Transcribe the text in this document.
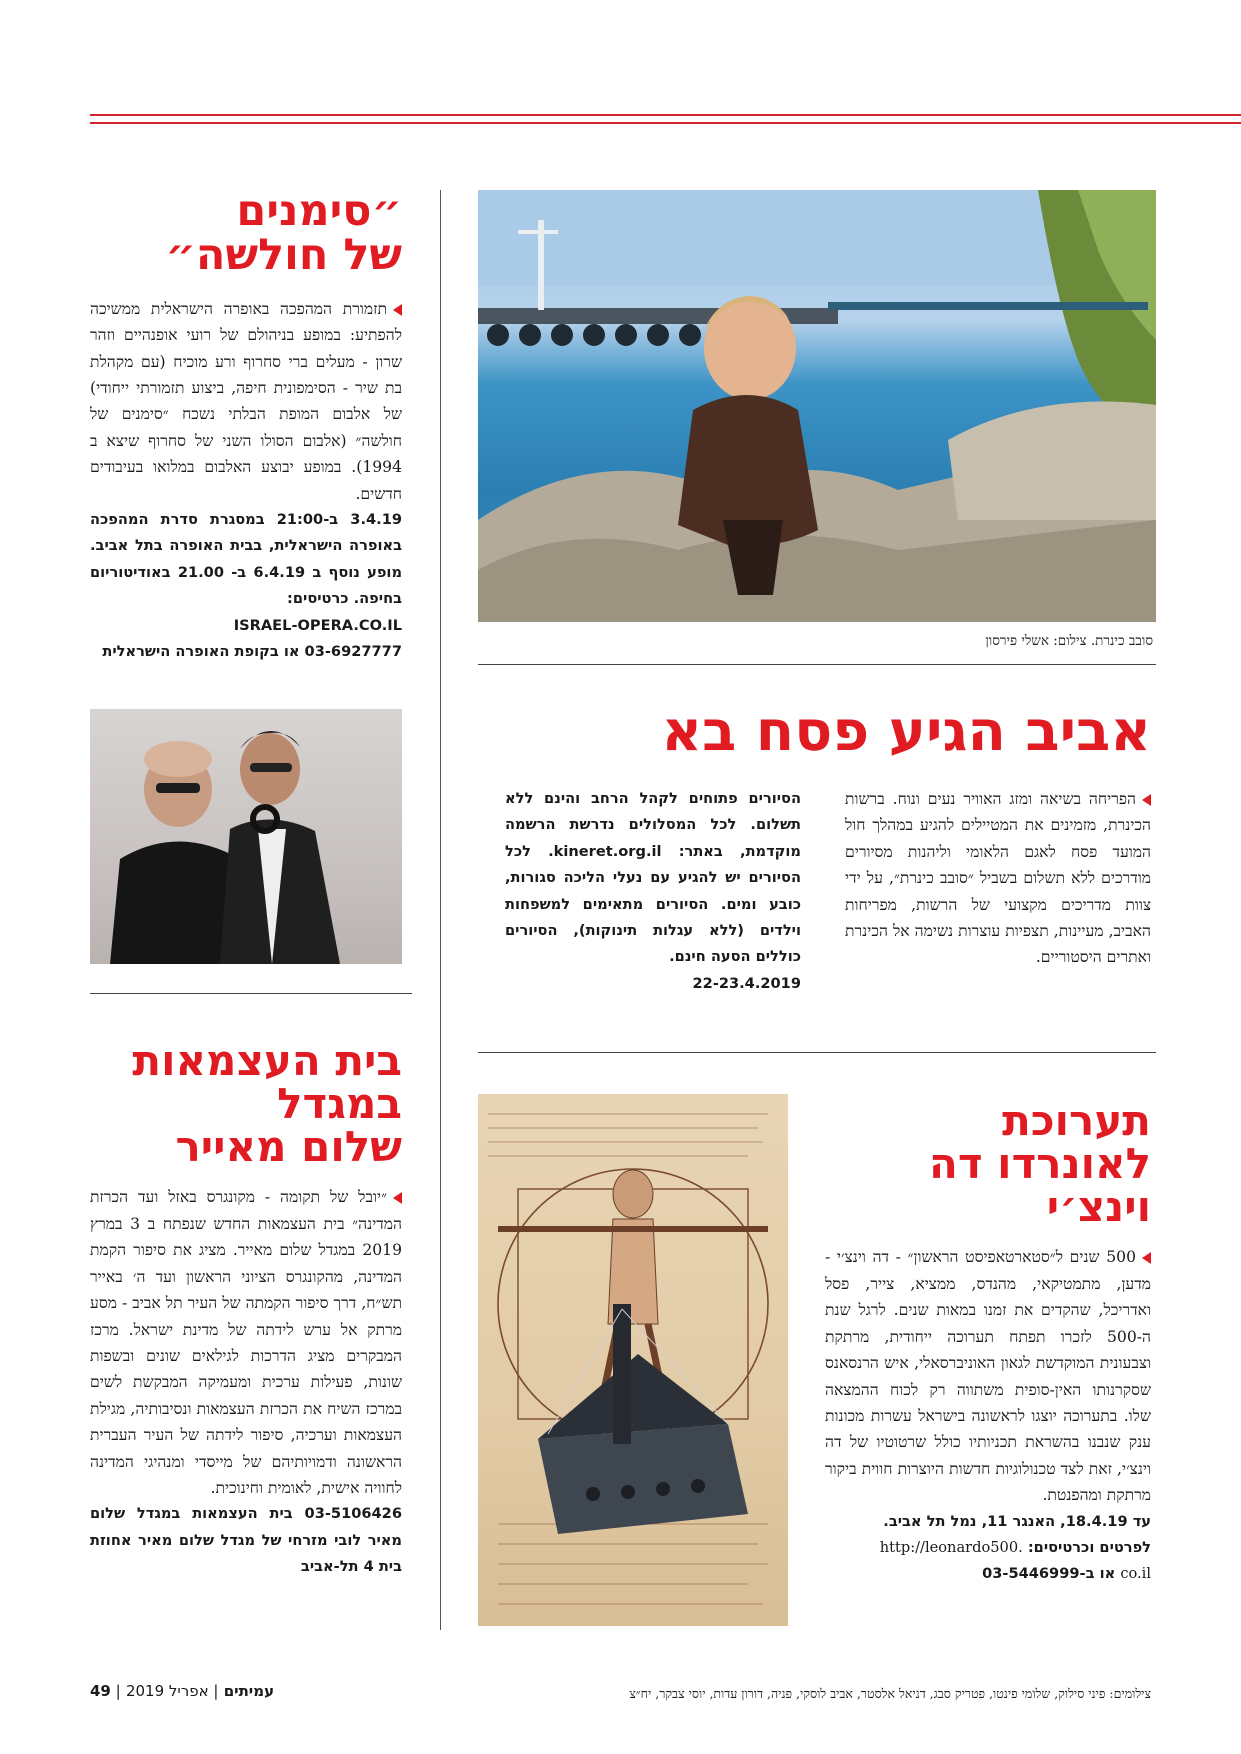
״סימנים
של חולשה״

תזמורת המהפכה באופרה הישראלית ממשיכה להפתיע: במופע בניהולם של רועי אופנהיים וזהר שרון - מעלים ברי סחרוף ורע מוכיח (עם מקהלת בת שיר - הסימפונית חיפה, ביצוע תזמורתי ייחודי) של אלבום המופת הבלתי נשכח ״סימנים של חולשה״ (אלבום הסולו השני של סחרוף שיצא ב 1994). במופע יבוצע האלבום במלואו בעיבודים חדשים.

3.4.19 ב-21:00 במסגרת סדרת המהפכה באופרה הישראלית, בבית האופרה בתל אביב. מופע נוסף ב 6.4.19 ב- 21.00 באודיטוריום בחיפה. כרטיסים:

ISRAEL-OPERA.CO.IL

03-6927777 או בקופת האופרה הישראלית

בית העצמאות
במגדל
שלום מאייר

״יובל של תקומה - מקונגרס באזל ועד הכרזת המדינה״ בית העצמאות החדש שנפתח ב 3 במרץ 2019 במגדל שלום מאייר. מציג את סיפור הקמת המדינה, מהקונגרס הציוני הראשון ועד ה׳ באייר תש״ח, דרך סיפור הקמתה של העיר תל אביב - מסע מרתק אל ערש לידתה של מדינת ישראל. מרכז המבקרים מציג הדרכות לגילאים שונים ובשפות שונות, פעילות ערכית ומעמיקה המבקשת לשים במרכז השיח את הכרזת העצמאות ונסיבותיה, מגילת העצמאות וערכיה, סיפור לידתה של העיר העברית הראשונה ודמויותיהם של מייסדי ומנהיגי המדינה לחוויה אישית, לאומית וחינוכית.

03-5106426 בית העצמאות במגדל שלום מאיר לובי מזרחי של מגדל שלום מאיר אחוזת בית 4 תל-אביב

סובב כינרת. צילום: אשלי פירסון
אביב הגיע פסח בא

הפריחה בשיאה ומזג האוויר נעים ונוח. ברשות הכינרת, מזמינים את המטיילים להגיע במהלך חול המועד פסח לאגם הלאומי וליהנות מסיורים מודרכים ללא תשלום בשביל ״סובב כינרת״, על ידי צוות מדריכים מקצועי של הרשות, מפריחות האביב, מעיינות, תצפיות עוצרות נשימה אל הכינרת ואתרים היסטוריים.

הסיורים פתוחים לקהל הרחב והינם ללא תשלום. לכל המסלולים נדרשת הרשמה מוקדמת, באתר: kineret.org.il. לכל הסיורים יש להגיע עם נעלי הליכה סגורות, כובע ומים. הסיורים מתאימים למשפחות וילדים (ללא עגלות תינוקות), הסיורים כוללים הסעה חינם.

22-23.4.2019

תערוכת
לאונרדו דה
וינצ׳י

500 שנים ל״סטארטאפיסט הראשון״ - דה וינצ׳י - מדען, מתמטיקאי, מהנדס, ממציא, צייר, פסל ואדריכל, שהקדים את זמנו במאות שנים. לרגל שנת ה-500 לזכרו תפתח תערוכה ייחודית, מרתקת וצבעונית המוקדשת לגאון האוניברסאלי, איש הרנסאנס שסקרנותו האין-סופית משתווה רק לכוח ההמצאה שלו. בתערוכה יוצגו לראשונה בישראל עשרות מכונות ענק שנבנו בהשראת תכניותיו כולל שרטוטיו של דה וינצ׳י, זאת לצד טכנולוגיות חדשות היוצרות חווית ביקור מרתקת ומהפנטת.

עד 18.4.19, האנגר 11, נמל תל אביב.

לפרטים וכרטיסים: http://leonardo500.

co.il או ב-03-5446999

צילומים: פיני סילוק, שלומי פינטו, פטריק סבג, דניאל אלסטר, אביב לוסקי, פניה, דורון עדות, יוסי צבקר, יח״צ
עמיתים | אפריל 2019 | 49
